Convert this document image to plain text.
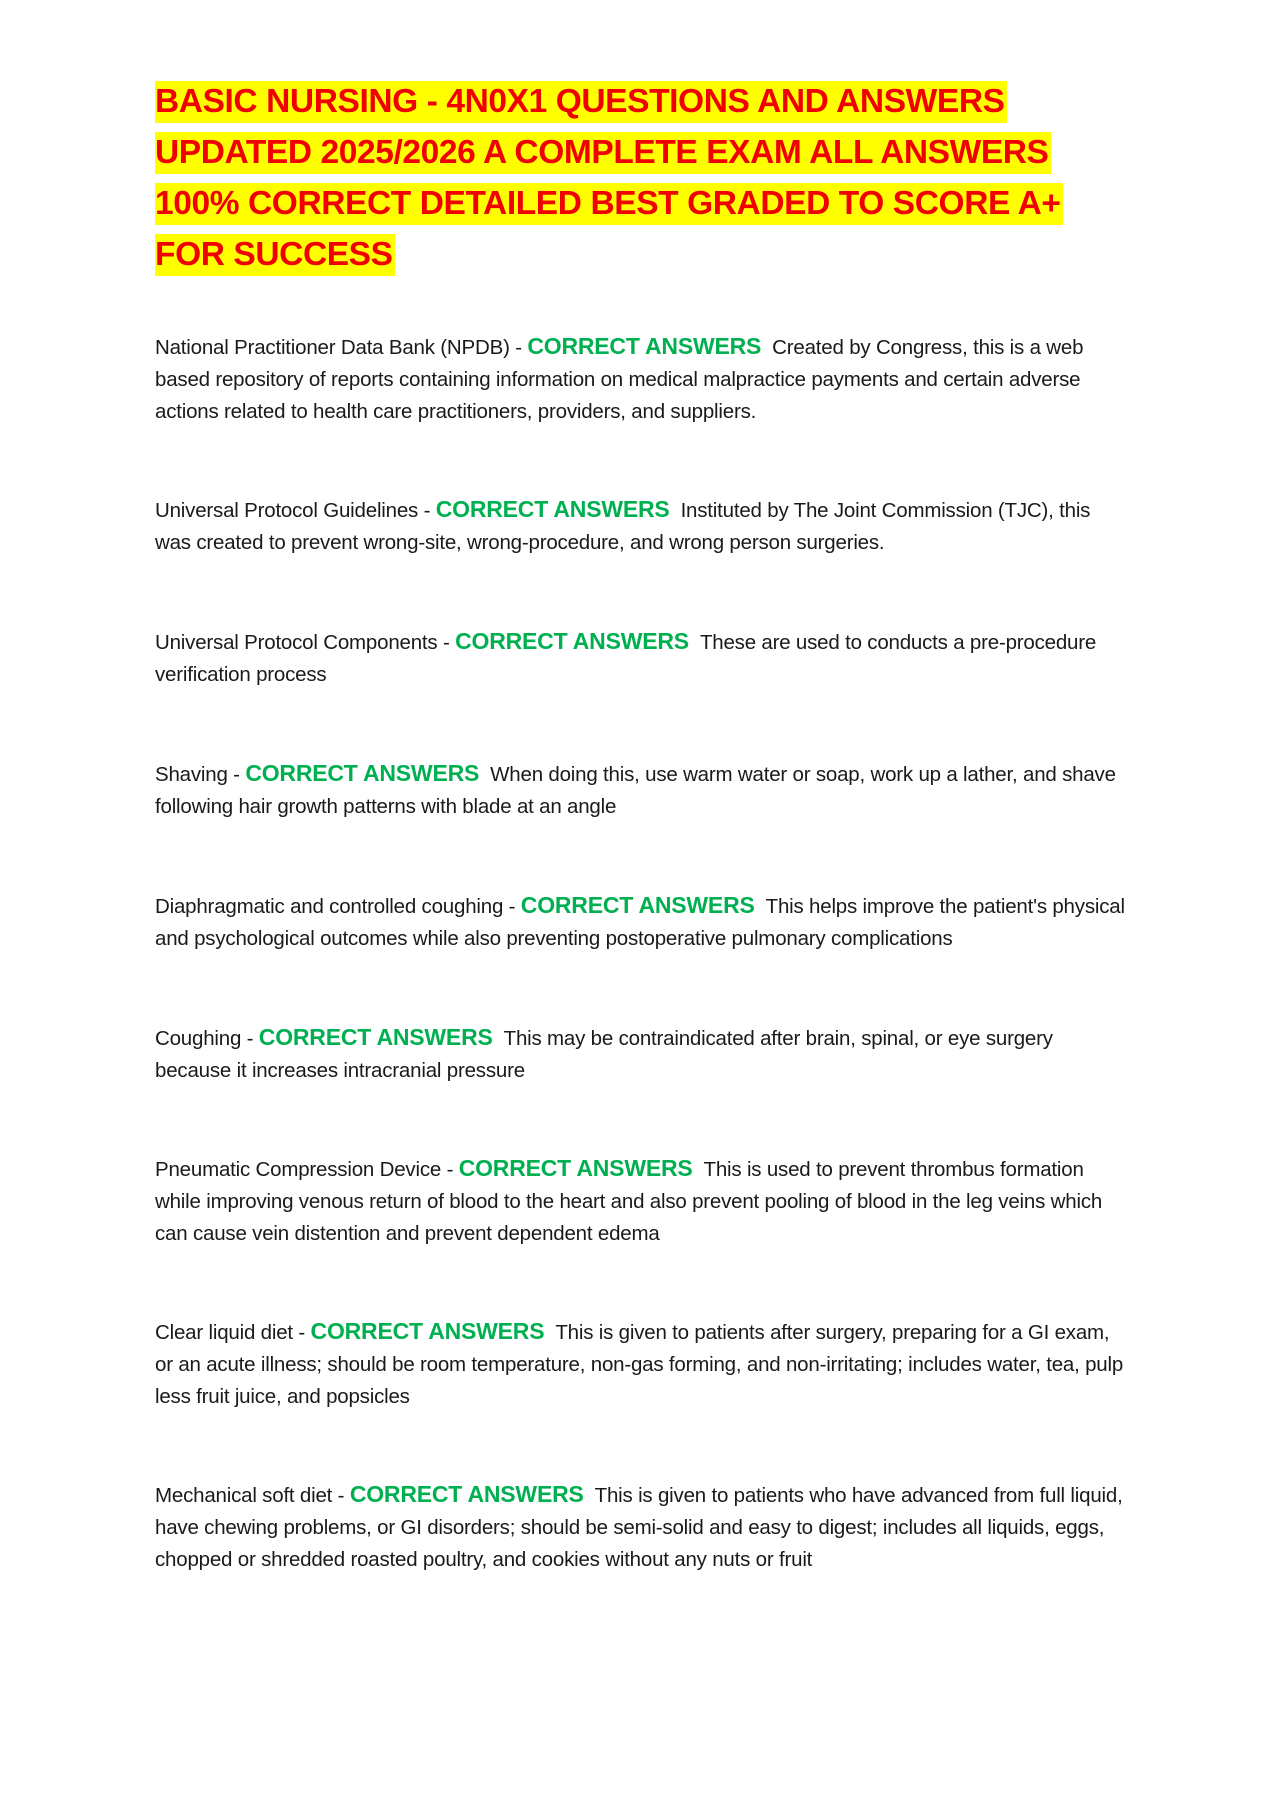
BASIC NURSING - 4N0X1 QUESTIONS AND ANSWERS UPDATED 2025/2026 A COMPLETE EXAM ALL ANSWERS 100% CORRECT DETAILED BEST GRADED TO SCORE A+ FOR SUCCESS

National Practitioner Data Bank (NPDB) - CORRECT ANSWERS Created by Congress, this is a web based repository of reports containing information on medical malpractice payments and certain adverse actions related to health care practitioners, providers, and suppliers.

Universal Protocol Guidelines - CORRECT ANSWERS Instituted by The Joint Commission (TJC), this was created to prevent wrong-site, wrong-procedure, and wrong person surgeries.

Universal Protocol Components - CORRECT ANSWERS These are used to conducts a pre-procedure verification process

Shaving - CORRECT ANSWERS When doing this, use warm water or soap, work up a lather, and shave following hair growth patterns with blade at an angle

Diaphragmatic and controlled coughing - CORRECT ANSWERS This helps improve the patient's physical and psychological outcomes while also preventing postoperative pulmonary complications

Coughing - CORRECT ANSWERS This may be contraindicated after brain, spinal, or eye surgery because it increases intracranial pressure

Pneumatic Compression Device - CORRECT ANSWERS This is used to prevent thrombus formation while improving venous return of blood to the heart and also prevent pooling of blood in the leg veins which can cause vein distention and prevent dependent edema

Clear liquid diet - CORRECT ANSWERS This is given to patients after surgery, preparing for a GI exam, or an acute illness; should be room temperature, non-gas forming, and non-irritating; includes water, tea, pulp less fruit juice, and popsicles

Mechanical soft diet - CORRECT ANSWERS This is given to patients who have advanced from full liquid, have chewing problems, or GI disorders; should be semi-solid and easy to digest; includes all liquids, eggs, chopped or shredded roasted poultry, and cookies without any nuts or fruit
